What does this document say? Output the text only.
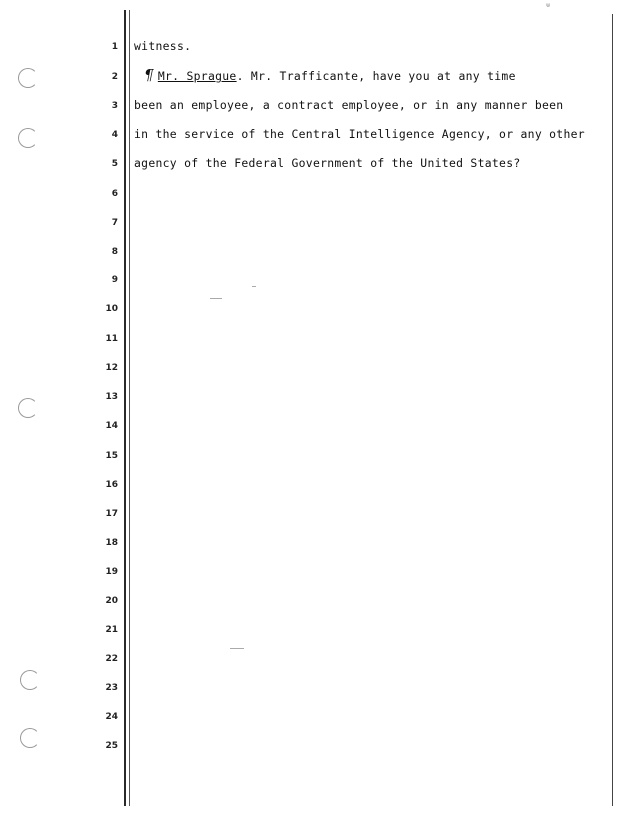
ᵘ
1
2
3
4
5
6
7
8
9
10
11
12
13
14
15
16
17
18
19
20
21
22
23
24
25
witness.
¶ Mr. Sprague. Mr. Trafficante, have you at any time
been an employee, a contract employee, or in any manner been
in the service of the Central Intelligence Agency, or any other
agency of the Federal Government of the United States?
